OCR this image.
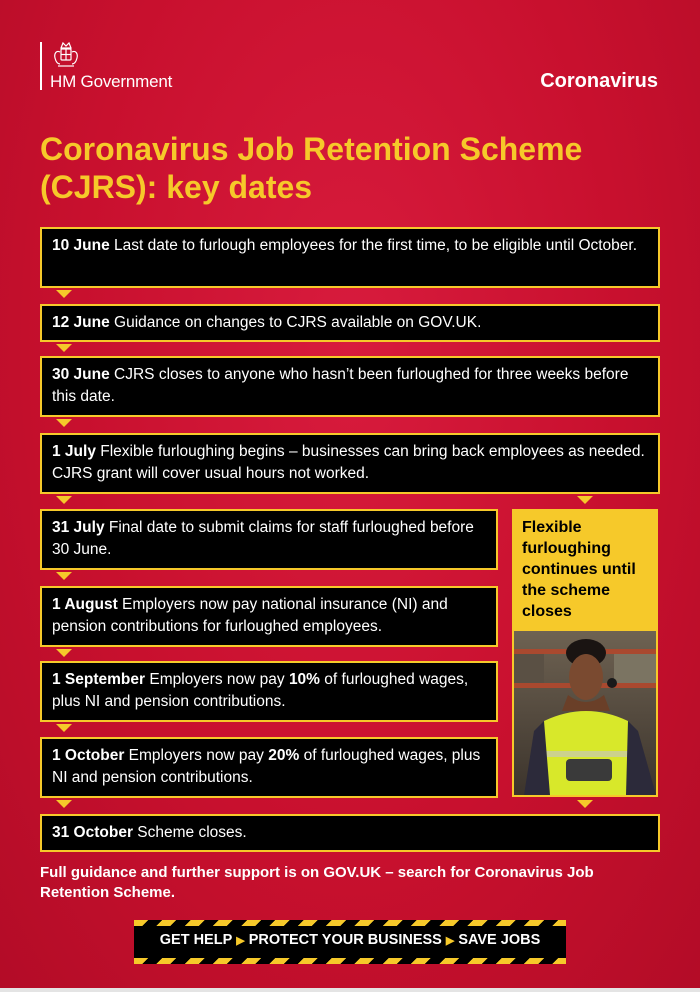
HM Government	Coronavirus
Coronavirus Job Retention Scheme (CJRS): key dates
10 June Last date to furlough employees for the first time, to be eligible until October.
12 June Guidance on changes to CJRS available on GOV.UK.
30 June CJRS closes to anyone who hasn’t been furloughed for three weeks before this date.
1 July Flexible furloughing begins – businesses can bring back employees as needed. CJRS grant will cover usual hours not worked.
31 July Final date to submit claims for staff furloughed before 30 June.
1 August Employers now pay national insurance (NI) and pension contributions for furloughed employees.
1 September Employers now pay 10% of furloughed wages, plus NI and pension contributions.
1 October Employers now pay 20% of furloughed wages, plus NI and pension contributions.
31 October Scheme closes.
Flexible furloughing continues until the scheme closes
Full guidance and further support is on GOV.UK – search for Coronavirus Job Retention Scheme.
GET HELP ▶ PROTECT YOUR BUSINESS ▶ SAVE JOBS
